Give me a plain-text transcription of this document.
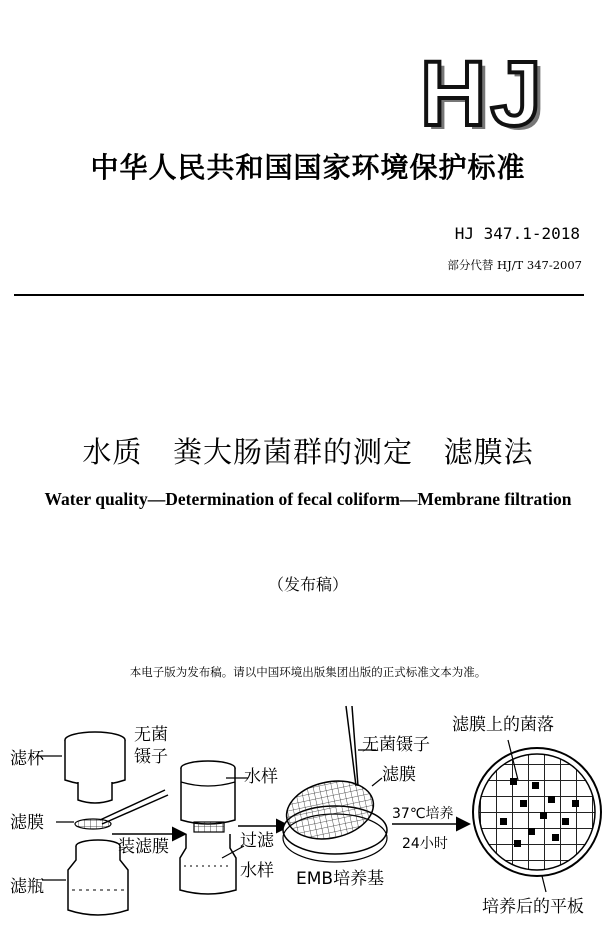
HJ
中华人民共和国国家环境保护标准
HJ 347.1-2018
部分代替 HJ/T 347-2007
水质   粪大肠菌群的测定   滤膜法
Water quality—Determination of fecal coliform—Membrane filtration
（发布稿）
本电子版为发布稿。请以中国环境出版集团出版的正式标准文本为准。
滤杯
滤膜
滤瓶
无菌
镊子
装滤膜
水样
过滤
水样
无菌镊子
滤膜
EMB培养基
37℃培养
24小时
滤膜上的菌落
培养后的平板
